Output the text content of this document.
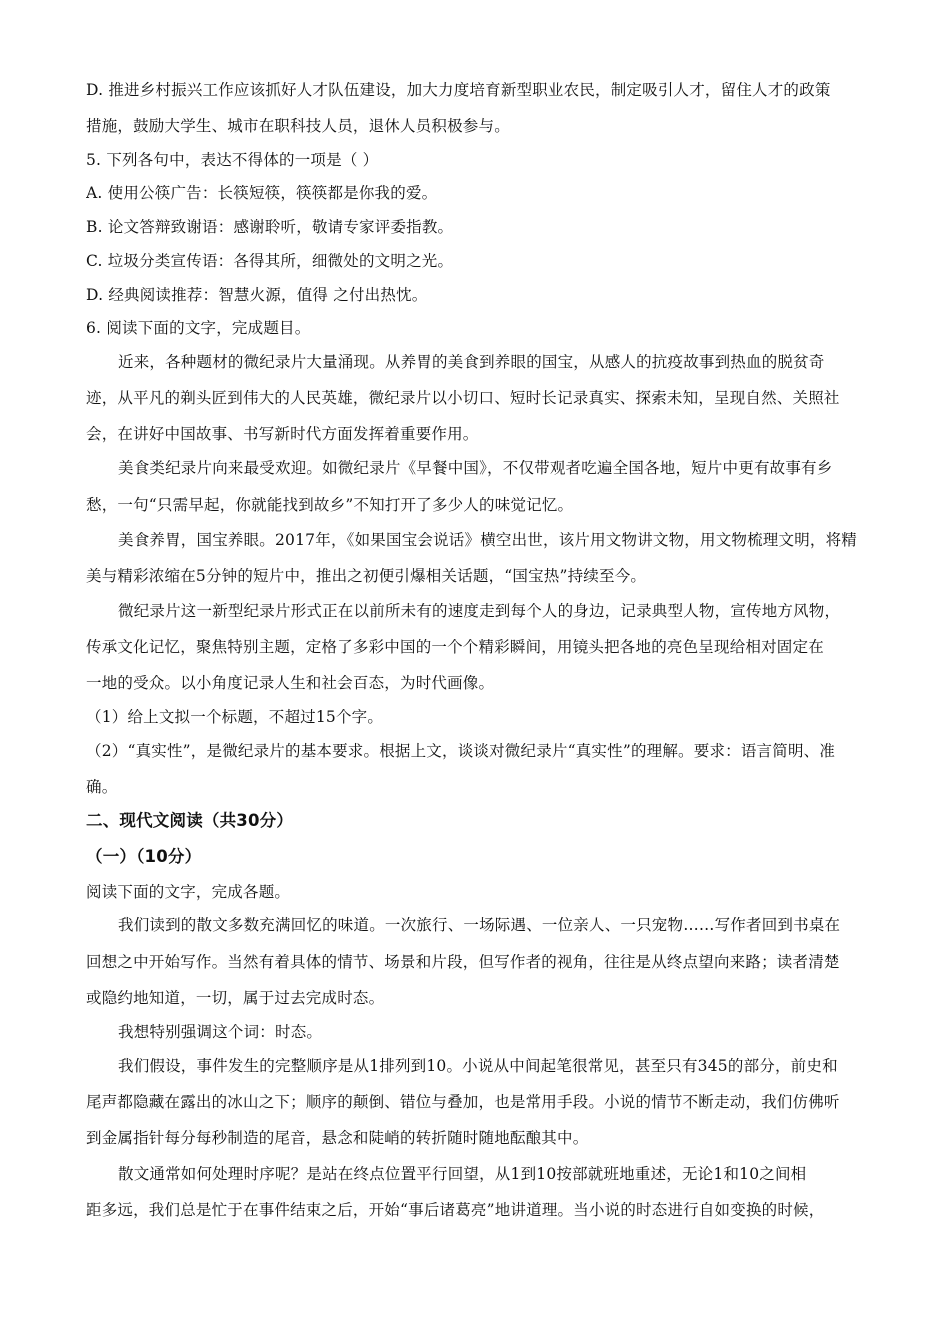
D. 推进乡村振兴工作应该抓好人才队伍建设，加大力度培育新型职业农民，制定吸引人才，留住人才的政策
措施，鼓励大学生、城市在职科技人员，退休人员积极参与。
5. 下列各句中，表达不得体的一项是（ ）
A. 使用公筷广告：长筷短筷，筷筷都是你我的爱。
B. 论文答辩致谢语：感谢聆听，敬请专家评委指教。
C. 垃圾分类宣传语：各得其所，细微处的文明之光。
D. 经典阅读推荐：智慧火源，值得 之付出热忱。
6. 阅读下面的文字，完成题目。
近来，各种题材的微纪录片大量涌现。从养胃的美食到养眼的国宝，从感人的抗疫故事到热血的脱贫奇
迹，从平凡的剃头匠到伟大的人民英雄，微纪录片以小切口、短时长记录真实、探索未知，呈现自然、关照社
会，在讲好中国故事、书写新时代方面发挥着重要作用。
美食类纪录片向来最受欢迎。如微纪录片《早餐中国》，不仅带观者吃遍全国各地，短片中更有故事有乡
愁，一句“只需早起，你就能找到故乡”不知打开了多少人的味觉记忆。
美食养胃，国宝养眼。2017年，《如果国宝会说话》横空出世，该片用文物讲文物，用文物梳理文明，将精
美与精彩浓缩在5分钟的短片中，推出之初便引爆相关话题，“国宝热”持续至今。
微纪录片这一新型纪录片形式正在以前所未有的速度走到每个人的身边，记录典型人物，宣传地方风物，
传承文化记忆，聚焦特别主题，定格了多彩中国的一个个精彩瞬间，用镜头把各地的亮色呈现给相对固定在
一地的受众。以小角度记录人生和社会百态，为时代画像。
（1）给上文拟一个标题，不超过15个字。
（2）“真实性”，是微纪录片的基本要求。根据上文，谈谈对微纪录片“真实性”的理解。要求：语言简明、准
确。
二、现代文阅读（共30分）
（一）（10分）
阅读下面的文字，完成各题。
我们读到的散文多数充满回忆的味道。一次旅行、一场际遇、一位亲人、一只宠物……写作者回到书桌在
回想之中开始写作。当然有着具体的情节、场景和片段，但写作者的视角，往往是从终点望向来路；读者清楚
或隐约地知道，一切，属于过去完成时态。
我想特别强调这个词：时态。
我们假设，事件发生的完整顺序是从1排列到10。小说从中间起笔很常见，甚至只有345的部分，前史和
尾声都隐藏在露出的冰山之下；顺序的颠倒、错位与叠加，也是常用手段。小说的情节不断走动，我们仿佛听
到金属指针每分每秒制造的尾音，悬念和陡峭的转折随时随地酝酿其中。
散文通常如何处理时序呢？是站在终点位置平行回望，从1到10按部就班地重述，无论1和10之间相
距多远，我们总是忙于在事件结束之后，开始“事后诸葛亮”地讲道理。当小说的时态进行自如变换的时候，
